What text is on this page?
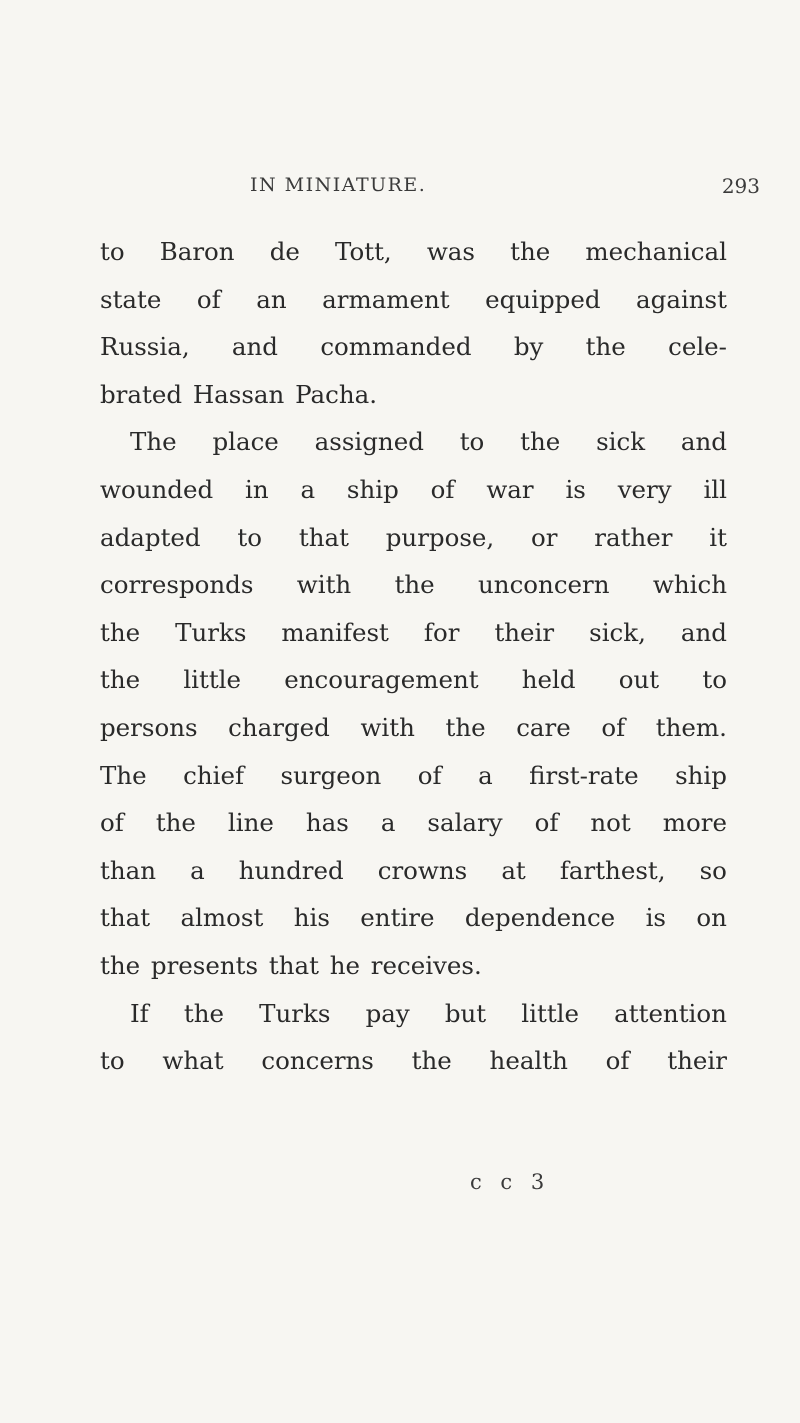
IN MINIATURE.	293
to Baron de Tott, was the mechanical
state of an armament equipped against
Russia, and commanded by the cele-
brated Hassan Pacha.
The place assigned to the sick and
wounded in a ship of war is very ill
adapted to that purpose, or rather it
corresponds with the unconcern which
the Turks manifest for their sick, and
the little encouragement held out to
persons charged with the care of them.
The chief surgeon of a first-rate ship
of the line has a salary of not more
than a hundred crowns at farthest, so
that almost his entire dependence is on
the presents that he receives.
If the Turks pay but little attention
to what concerns the health of their
c c 3
